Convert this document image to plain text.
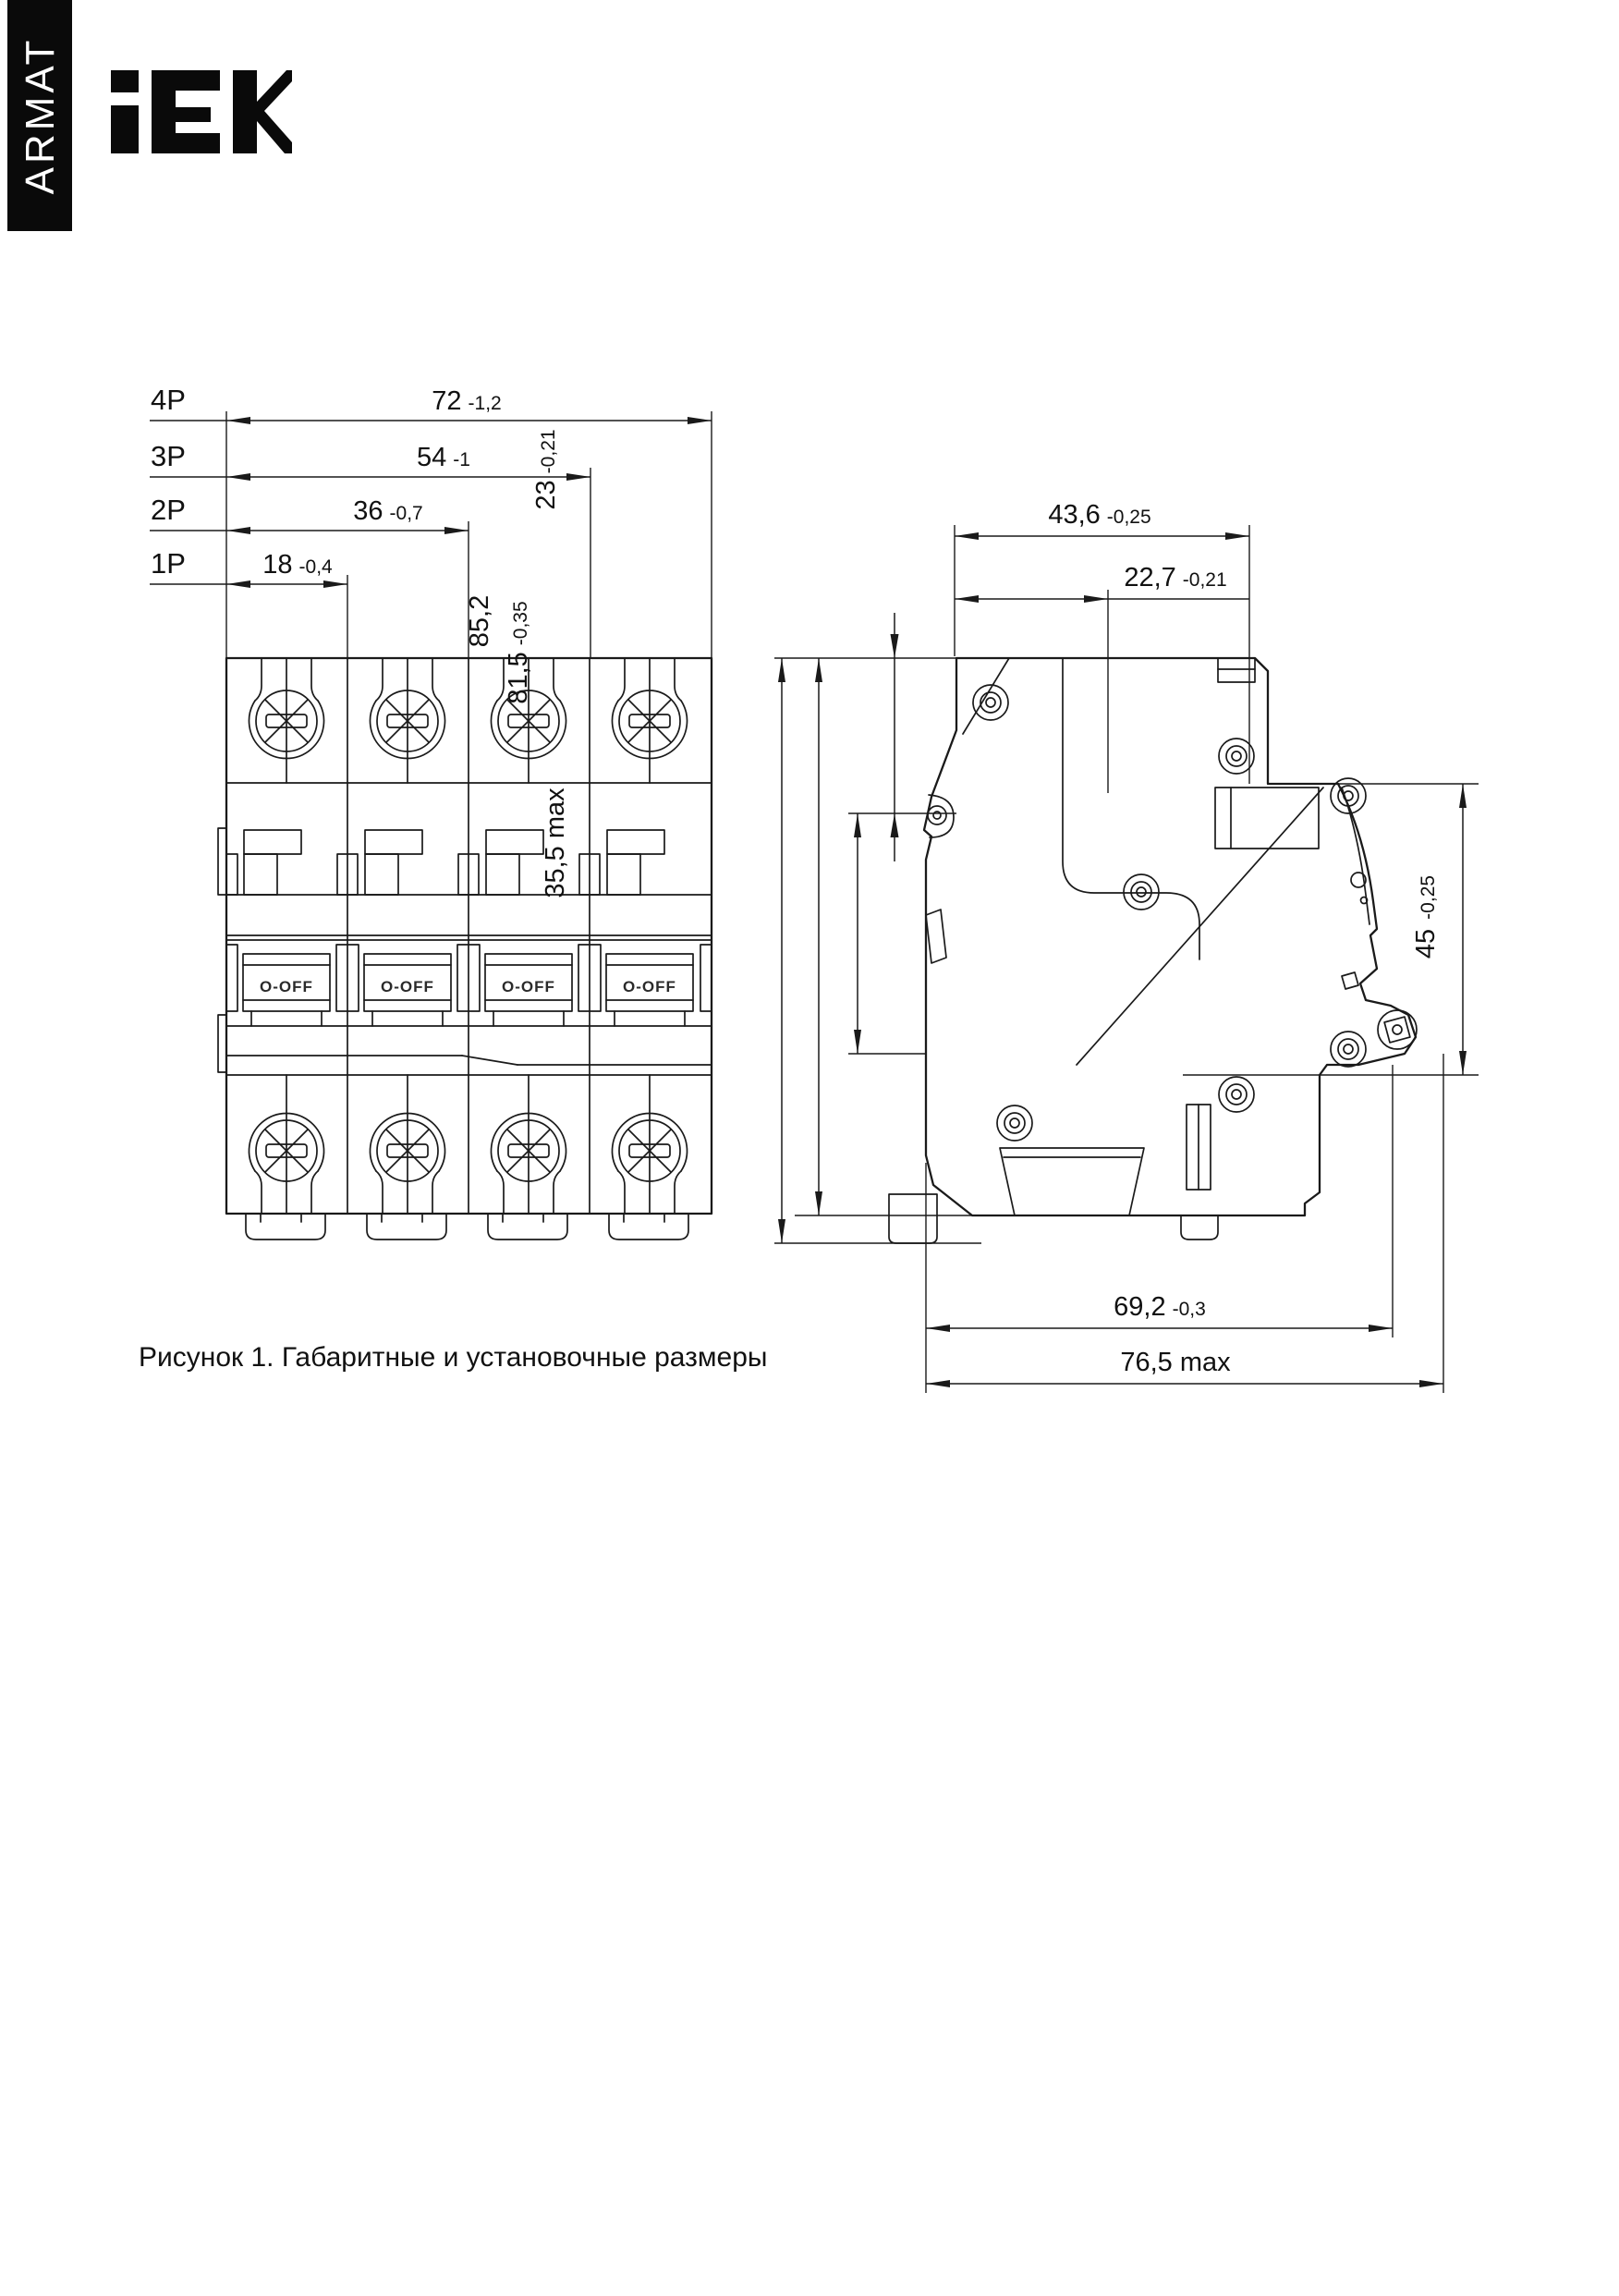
ARMAT
O-OFF	O-OFF	O-OFF	O-OFF
4P	72 -1,2
3P	54 -1
2P	36 -0,7
1P	18 -0,4
43,6 -0,25
22,7 -0,21
23-0,21
85,2
81,5-0,35
35,5 max
45-0,25
69,2 -0,3
76,5 max
Рисунок 1. Габаритные и установочные размеры
